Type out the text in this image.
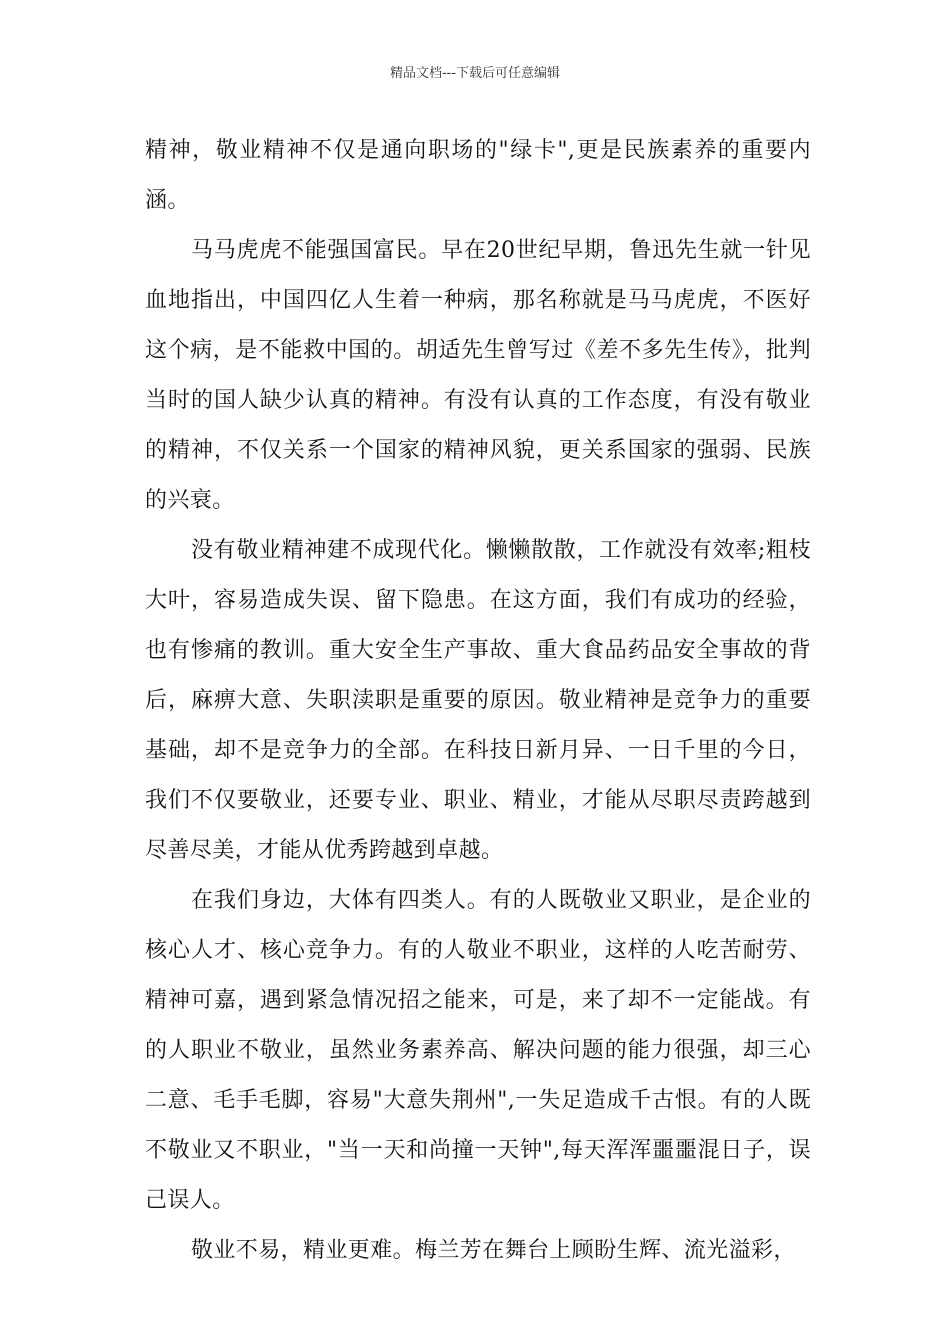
精品文档---下载后可任意编辑

精神，敬业精神不仅是通向职场的"绿卡",更是民族素养的重要内涵。

马马虎虎不能强国富民。早在20世纪早期，鲁迅先生就一针见血地指出，中国四亿人生着一种病，那名称就是马马虎虎，不医好这个病，是不能救中国的。胡适先生曾写过《差不多先生传》，批判当时的国人缺少认真的精神。有没有认真的工作态度，有没有敬业的精神，不仅关系一个国家的精神风貌，更关系国家的强弱、民族的兴衰。

没有敬业精神建不成现代化。懒懒散散，工作就没有效率;粗枝大叶，容易造成失误、留下隐患。在这方面，我们有成功的经验，也有惨痛的教训。重大安全生产事故、重大食品药品安全事故的背后，麻痹大意、失职渎职是重要的原因。敬业精神是竞争力的重要基础，却不是竞争力的全部。在科技日新月异、一日千里的今日，我们不仅要敬业，还要专业、职业、精业，才能从尽职尽责跨越到尽善尽美，才能从优秀跨越到卓越。

在我们身边，大体有四类人。有的人既敬业又职业，是企业的核心人才、核心竞争力。有的人敬业不职业，这样的人吃苦耐劳、精神可嘉，遇到紧急情况招之能来，可是，来了却不一定能战。有的人职业不敬业，虽然业务素养高、解决问题的能力很强，却三心二意、毛手毛脚，容易"大意失荆州",一失足造成千古恨。有的人既不敬业又不职业，"当一天和尚撞一天钟",每天浑浑噩噩混日子，误己误人。

敬业不易，精业更难。梅兰芳在舞台上顾盼生辉、流光溢彩，
